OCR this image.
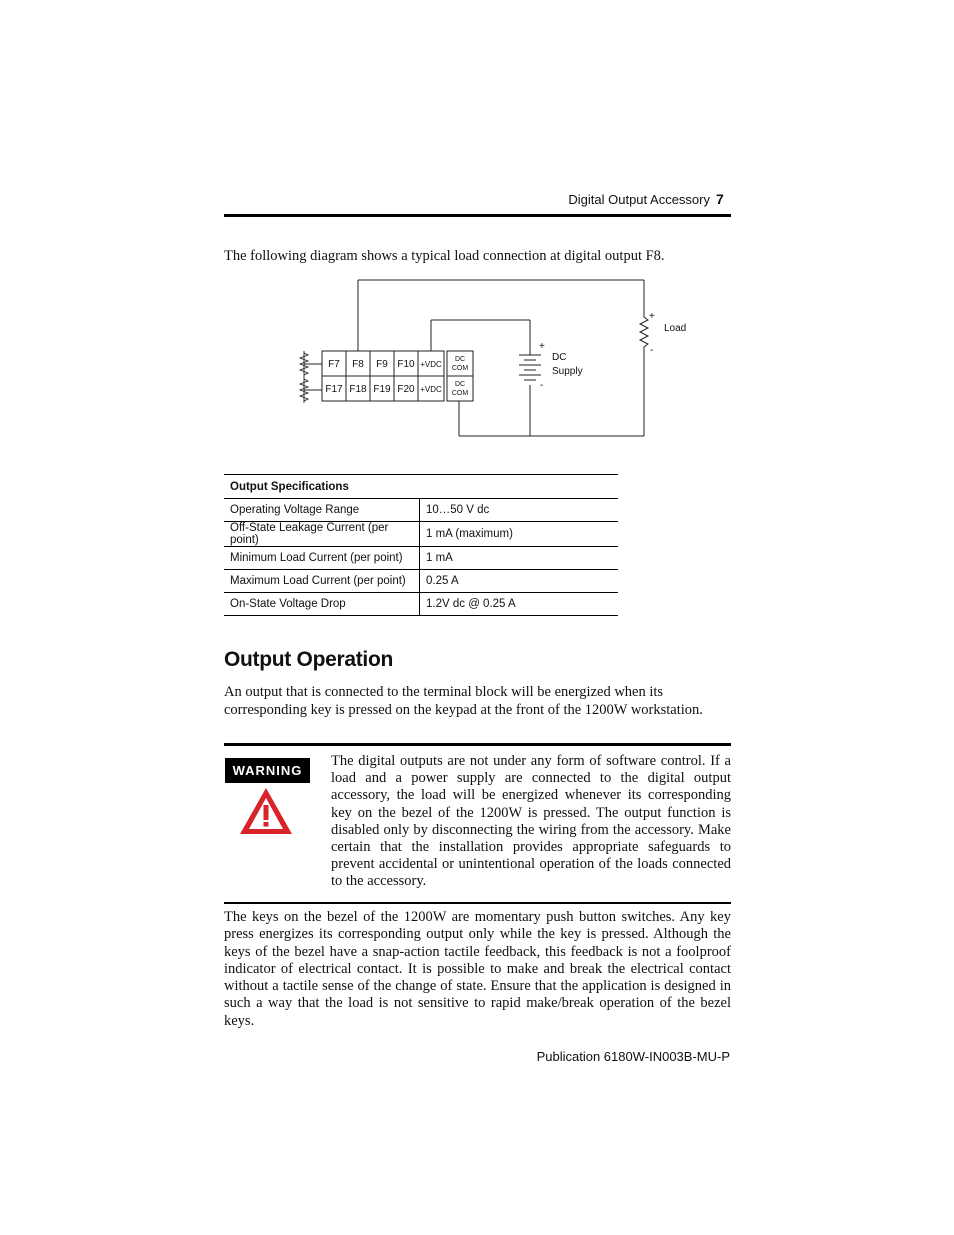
Digital Output Accessory 7
The following diagram shows a typical load connection at digital output F8.
F7 F8 F9 F10 +VDC
F17 F18 F19 F20 +VDC
DC
COM
DC
COM
+
-
DC
Supply
+
-
Load
Output Specifications	
Operating Voltage Range	10…50 V dc
Off-State Leakage Current (per point)	1 mA (maximum)
Minimum Load Current (per point)	1 mA
Maximum Load Current (per point)	0.25 A
On-State Voltage Drop	1.2V dc @ 0.25 A
Output Operation
An output that is connected to the terminal block will be energized when its corresponding key is pressed on the keypad at the front of the 1200W workstation.
WARNING
The digital outputs are not under any form of software control. If a load and a power supply are connected to the digital output accessory, the load will be energized whenever its corresponding key on the bezel of the 1200W is pressed. The output function is disabled only by disconnecting the wiring from the accessory. Make certain that the installation provides appropriate safeguards to prevent accidental or unintentional operation of the loads connected to the accessory.
The keys on the bezel of the 1200W are momentary push button switches. Any key press energizes its corresponding output only while the key is pressed. Although the keys of the bezel have a snap-action tactile feedback, this feedback is not a foolproof indicator of electrical contact. It is possible to make and break the electrical contact without a tactile sense of the change of state. Ensure that the application is designed in such a way that the load is not sensitive to rapid make/break operation of the bezel keys.
Publication 6180W-IN003B-MU-P
